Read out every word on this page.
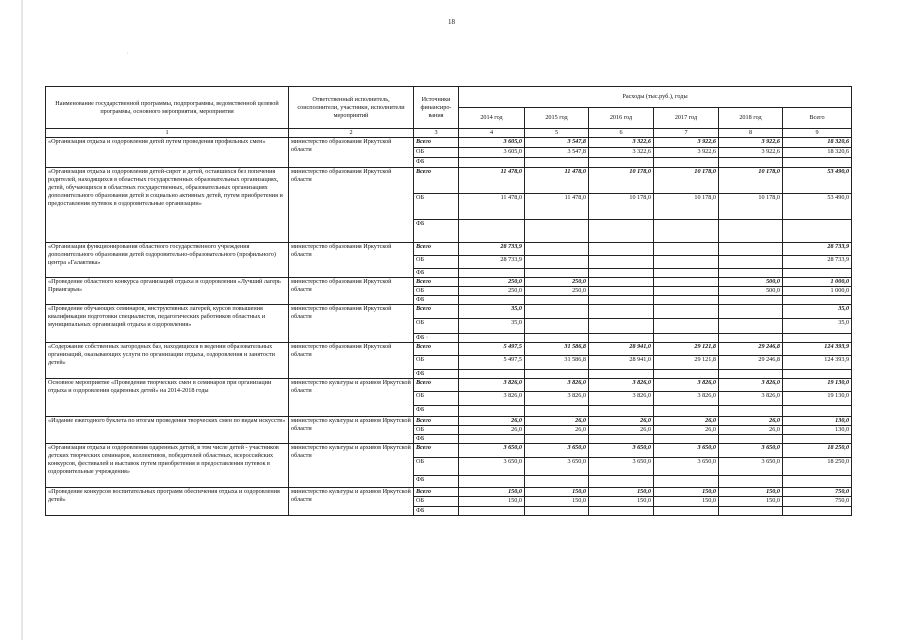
18
'
Наименование государственной программы, подпрограммы, ведомственной целевой программы, основного мероприятия, мероприятия	Ответственный исполнитель, соисполнители, участники, исполнители мероприятий	Источники финансиро-вания	Расходы (тыс.руб.), годы					
			2014 год	2015 год	2016 год	2017 год	2018 год	Всего
1	2	3	4	5	6	7	8	9
«Организация отдыха и оздоровления детей путем проведения профильных смен»	министерство образования Иркутской области	Всего	3 605,0	3 547,8	3 322,6	3 922,6	3 922,6	18 320,6
		ОБ	3 605,0	3 547,8	3 322,6	3 922,6	3 922,6	18 320,6
		ФБ						
«Организация отдыха и оздоровления детей-сирот и детей, оставшихся без попечения родителей, находящихся в областных государственных образовательных организациях, детей, обучающихся в областных государственных, образовательных организациях дополнительного образования детей и социально активных детей, путем приобретения и предоставления путевок в оздоровительные организации»	министерство образования Иркутской области	Всего	11 478,0	11 478,0	10 178,0	10 178,0	10 178,0	53 490,0
		ОБ	11 478,0	11 478,0	10 178,0	10 178,0	10 178,0	53 490,0
		ФБ						
«Организация функционирования областного государственного учреждения дополнительного образования детей оздоровительно-образовательного (профильного) центра «Галактика»	министерство образования Иркутской области	Всего	28 733,9					28 733,9
		ОБ	28 733,9					28 733,9
		ФБ						
«Проведение областного конкурса организаций отдыха и оздоровления «Лучший лагерь Приангарья»	министерство образования Иркутской области	Всего	250,0	250,0			500,0	1 000,0
		ОБ	250,0	250,0			500,0	1 000,0
		ФБ						
«Проведение обучающих семинаров, инструктивных лагерей, курсов повышения квалификации подготовки специалистов, педагогических работников областных и муниципальных организаций отдыха и оздоровления»	министерство образования Иркутской области	Всего	35,0					35,0
		ОБ	35,0					35,0
		ФБ ·						
«Содержание собственных загородных баз, находящихся в ведении образовательных организаций, оказывающих услуги по организации отдыха, оздоровления и занятости детей»	министерство образования Иркутской области	Всего	5 497,5	31 586,8	28 941,0	29 121,8	29 246,8	124 393,9
		ОБ	5 497,5	31 586,8	28 941,0	29 121,8	29 246,8	124 393,9
		ФБ						
Основное мероприятие «Проведения творческих смен в семинаров при организации отдыха и оздоровления одаренных детей» на 2014-2018 годы	министерство культуры и архивов Иркутской области	Всего	3 826,0	3 826,0	3 826,0	3 826,0	3 826,0	19 130,0
		ОБ	3 826,0	3 826,0	3 826,0	3 826,0	3 826,0	19 130,0
		ФБ						
«Издание ежегодного буклета по итогам проведения творческих смен по видам искусств»	министерство культуры и архивов Иркутской области	Всего	26,0	26,0	26,0	26,0	26,0	130,0
		ОБ	26,0	26,0	26,0	26,0	26,0	130,0
		ФБ						
«Организация отдыха и оздоровления одаренных детей, в том числе детей - участников детских творческих семинаров, коллективов, победителей областных, всероссийских конкурсов, фестивалей и выставок путем приобретения и предоставления путевок в оздоровительные учреждения»	министерство культуры и архивов Иркутской области	Всего	3 650,0	3 650,0	3 650,0	3 650,0	3 650,0	18 250,0
		ОБ	3 650,0	3 650,0	3 650,0	3 650,0	3 650,0	18 250,0
		ФБ						
«Проведение конкурсов воспитательных программ обеспечения отдыха и оздоровления детей»	министерство культуры и архивов Иркутской области	Всего	150,0	150,0	150,0	150,0	150,0	750,0
		ОБ	150,0	150,0	150,0	150,0	150,0	750,0
		ФБ						
